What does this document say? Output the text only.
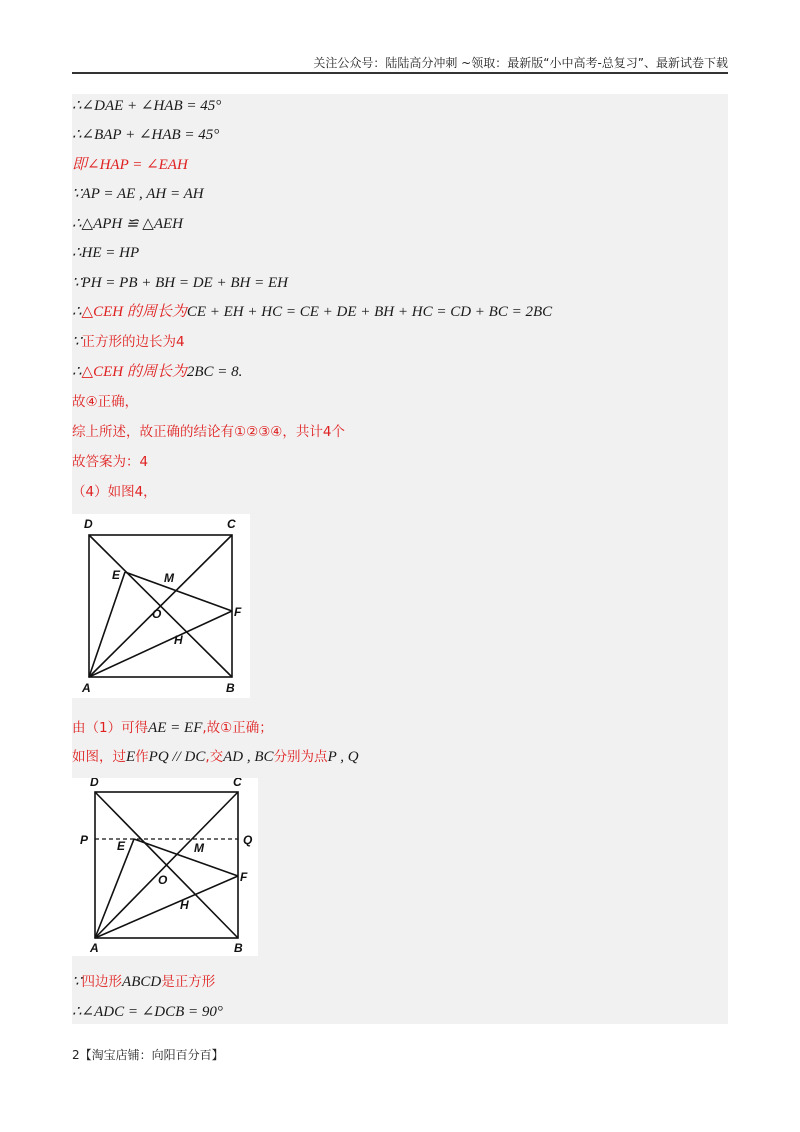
关注公众号：陆陆高分冲刺 ~领取：最新版“小中高考-总复习”、最新试卷下载
∴∠DAE + ∠HAB = 45°
∴∠BAP + ∠HAB = 45°
即∠HAP = ∠EAH
∵AP = AE , AH = AH
∴△APH ≌ △AEH
∴HE = HP
∵PH = PB + BH = DE + BH = EH
∴△CEH 的周长为CE + EH + HC = CE + DE + BH + HC = CD + BC = 2BC
∵正方形的边长为4
∴△CEH 的周长为2BC = 8.
故④正确，
综上所述，故正确的结论有①②③④，共计4个
故答案为：4
（4）如图4，
D	C
E	M
O	F
H
A	B
由（1）可得AE = EF,故①正确；
如图，过E作PQ // DC,交AD , BC分别为点P , Q
D	C
P	Q
E	M
O	F
H
A	B
∵四边形ABCD是正方形
∴∠ADC = ∠DCB = 90°
2【淘宝店铺：向阳百分百】
